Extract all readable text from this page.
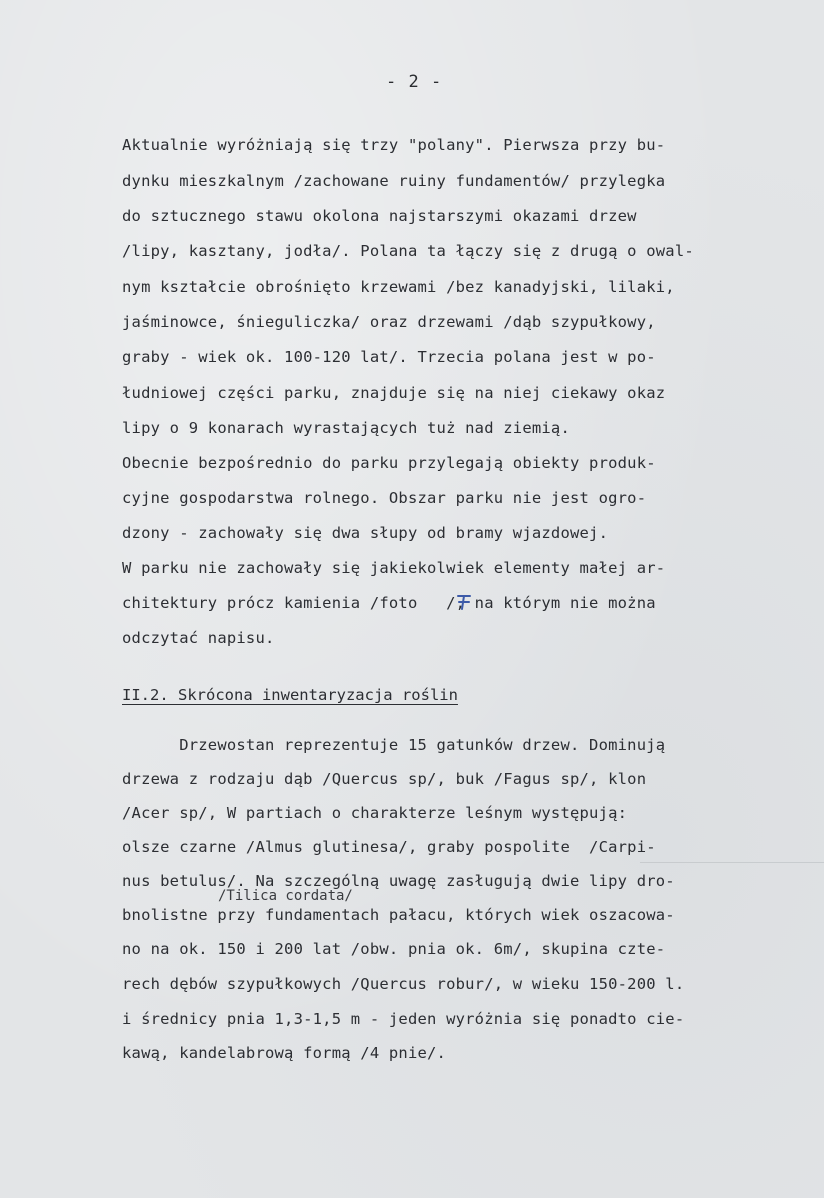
- 2 -
Aktualnie wyróżniają się trzy "polany". Pierwsza przy bu-
dynku mieszkalnym /zachowane ruiny fundamentów/ przylegka
do sztucznego stawu okolona najstarszymi okazami drzew
/lipy, kasztany, jodła/. Polana ta łączy się z drugą o owal-
nym kształcie obrośnięto krzewami /bez kanadyjski, lilaki,
jaśminowce, śnieguliczka/ oraz drzewami /dąb szypułkowy,
graby - wiek ok. 100-120 lat/. Trzecia polana jest w po-
łudniowej części parku, znajduje się na niej ciekawy okaz
lipy o 9 konarach wyrastających tuż nad ziemią.
Obecnie bezpośrednio do parku przylegają obiekty produk-
cyjne gospodarstwa rolnego. Obszar parku nie jest ogro-
dzony - zachowały się dwa słupy od bramy wjazdowej.
W parku nie zachowały się jakiekolwiek elementy małej ar-
chitektury prócz kamienia /foto   /, na którym nie można
odczytać napisu.
II.2. Skrócona inwentaryzacja roślin
Drzewostan reprezentuje 15 gatunków drzew. Dominują
drzewa z rodzaju dąb /Quercus sp/, buk /Fagus sp/, klon
/Acer sp/, W partiach o charakterze leśnym występują:
olsze czarne /Almus glutinesa/, graby pospolite  /Carpi-
nus betulus/. Na szczególną uwagę zasługują dwie lipy dro-
/Tilica cordata/
bnolistne przy fundamentach pałacu, których wiek oszacowa-
no na ok. 150 i 200 lat /obw. pnia ok. 6m/, skupina czte-
rech dębów szypułkowych /Quercus robur/, w wieku 150-200 l.
i średnicy pnia 1,3-1,5 m - jeden wyróżnia się ponadto cie-
kawą, kandelabrową formą /4 pnie/.
